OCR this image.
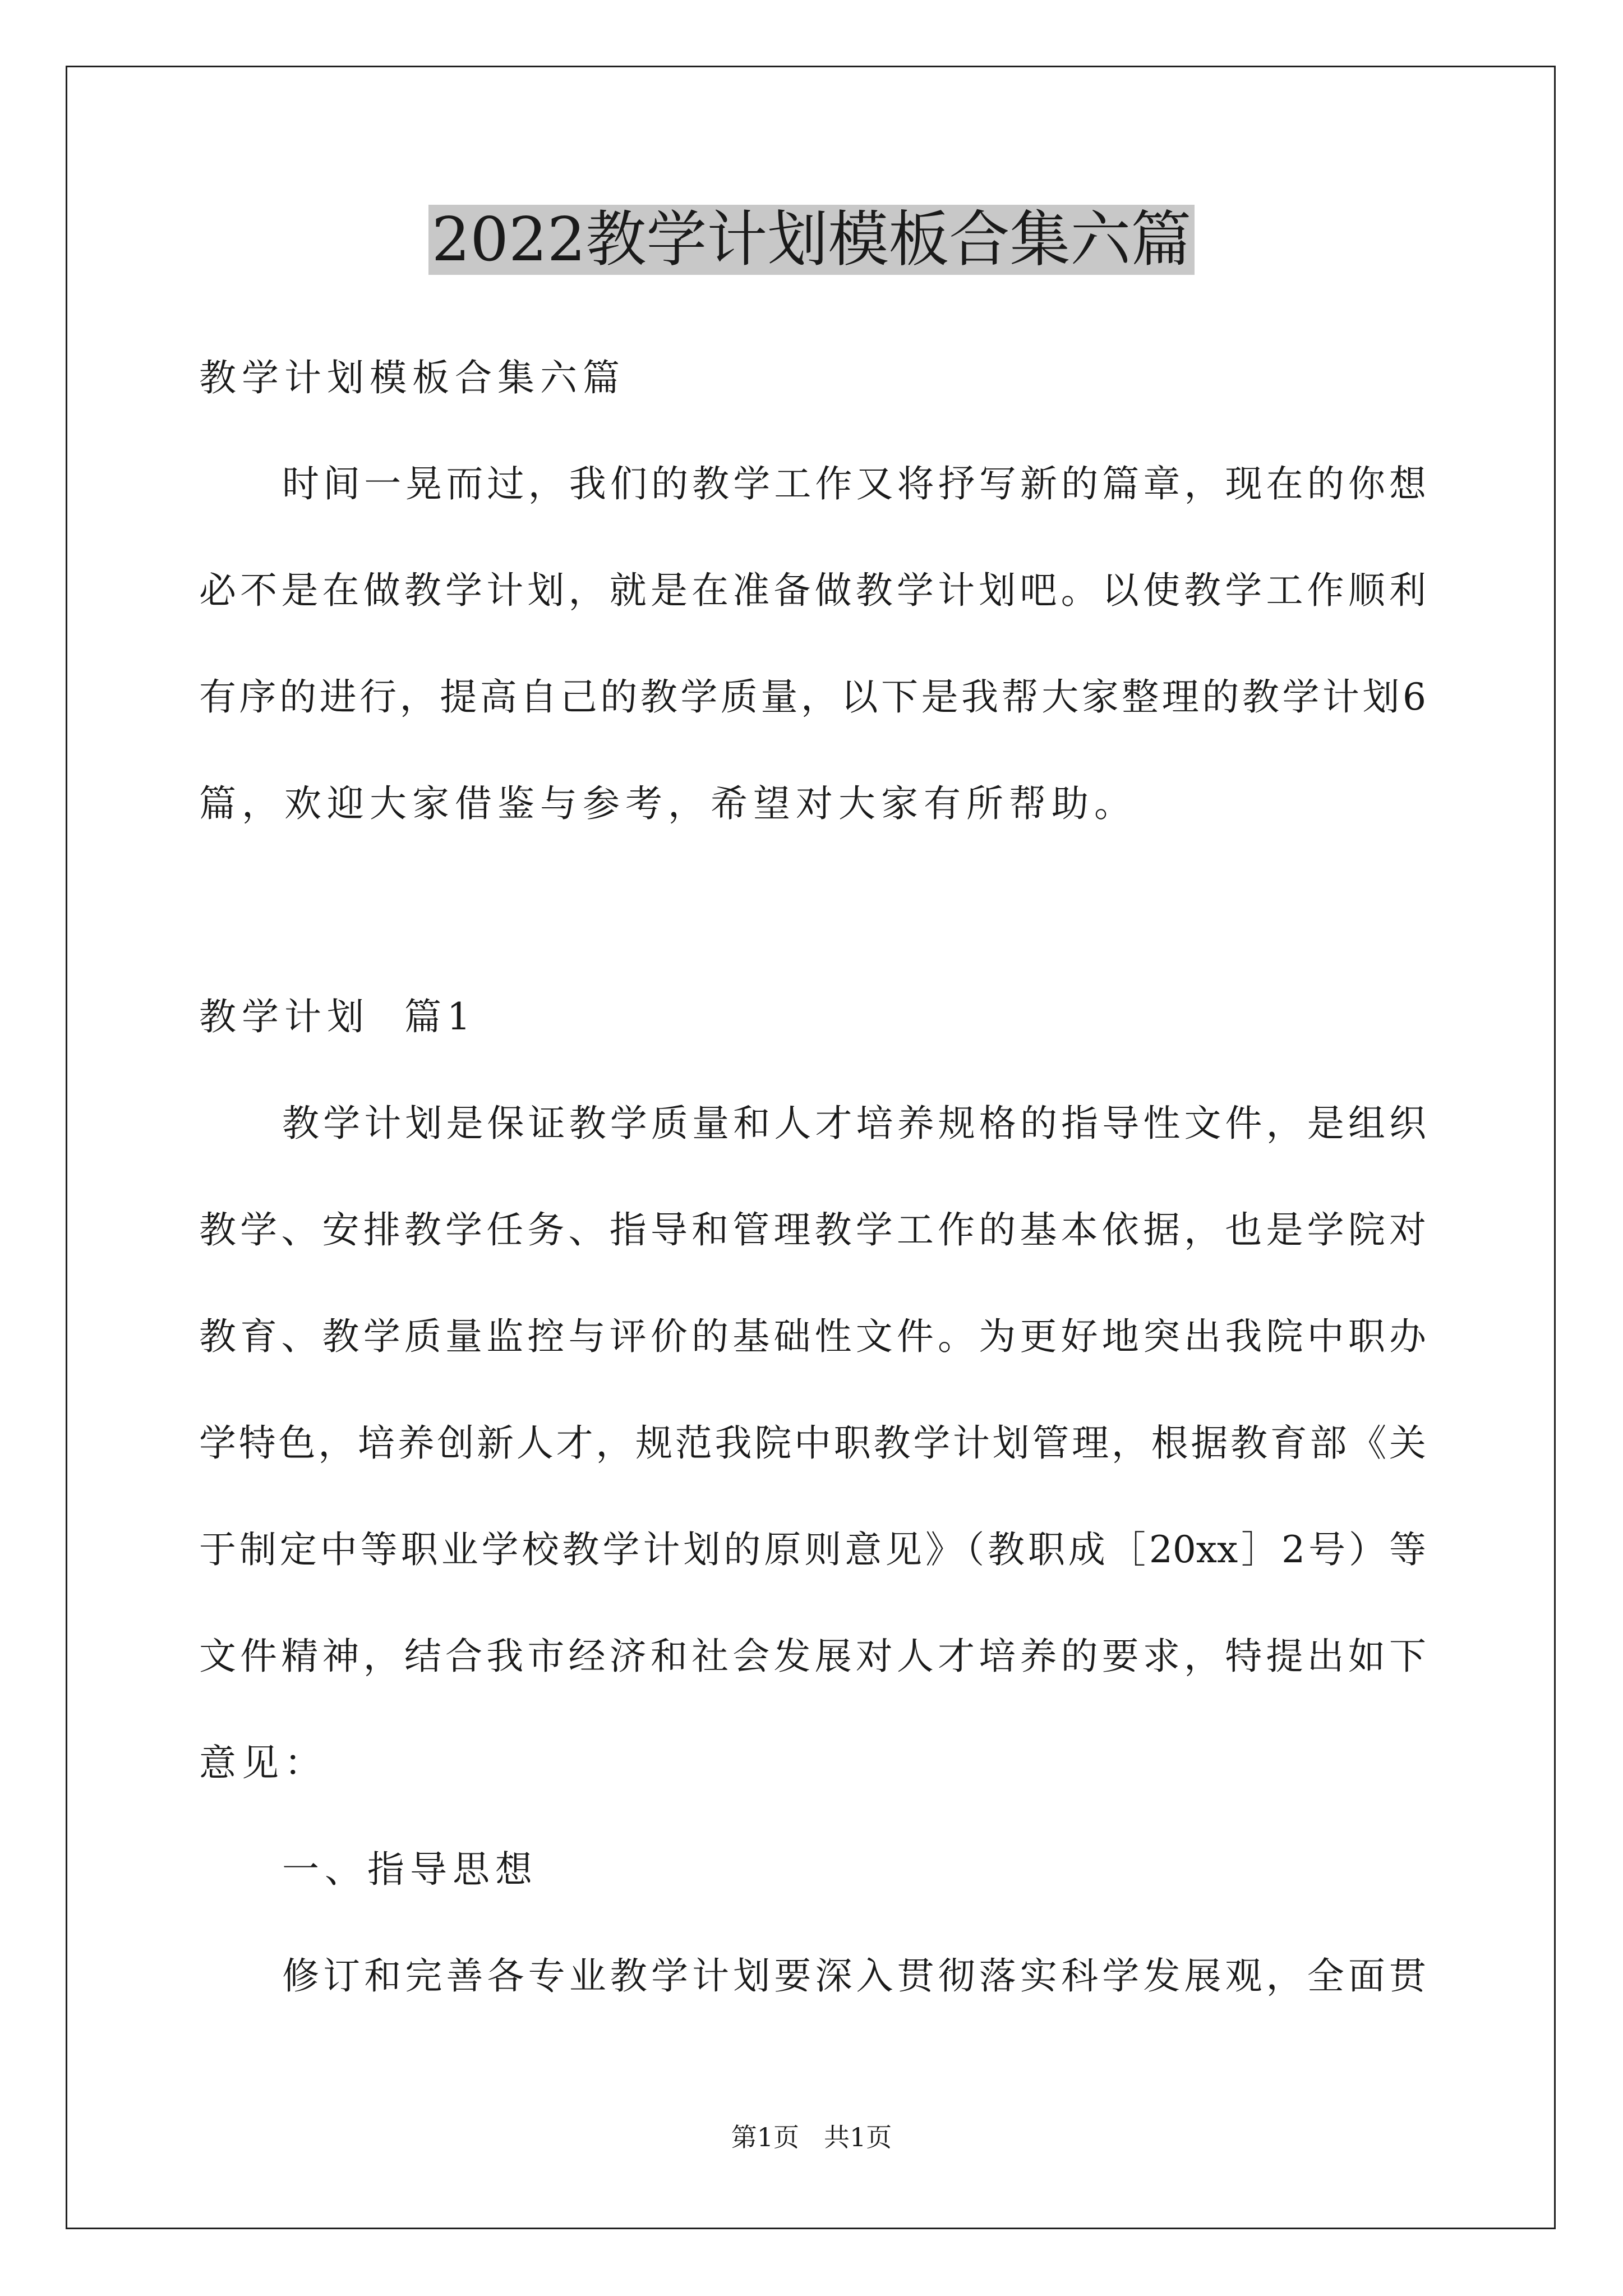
2022教学计划模板合集六篇
教学计划模板合集六篇
时间一晃而过，我们的教学工作又将抒写新的篇章，现在的你想
必不是在做教学计划，就是在准备做教学计划吧。以使教学工作顺利
有序的进行，提高自己的教学质量，以下是我帮大家整理的教学计划6
篇，欢迎大家借鉴与参考，希望对大家有所帮助。
教学计划  篇1
教学计划是保证教学质量和人才培养规格的指导性文件，是组织
教学、安排教学任务、指导和管理教学工作的基本依据，也是学院对
教育、教学质量监控与评价的基础性文件。为更好地突出我院中职办
学特色，培养创新人才，规范我院中职教学计划管理，根据教育部《关
于制定中等职业学校教学计划的原则意见》（教职成［20xx］2号）等
文件精神，结合我市经济和社会发展对人才培养的要求，特提出如下
意见：
一、指导思想
修订和完善各专业教学计划要深入贯彻落实科学发展观，全面贯
第1页 共1页
